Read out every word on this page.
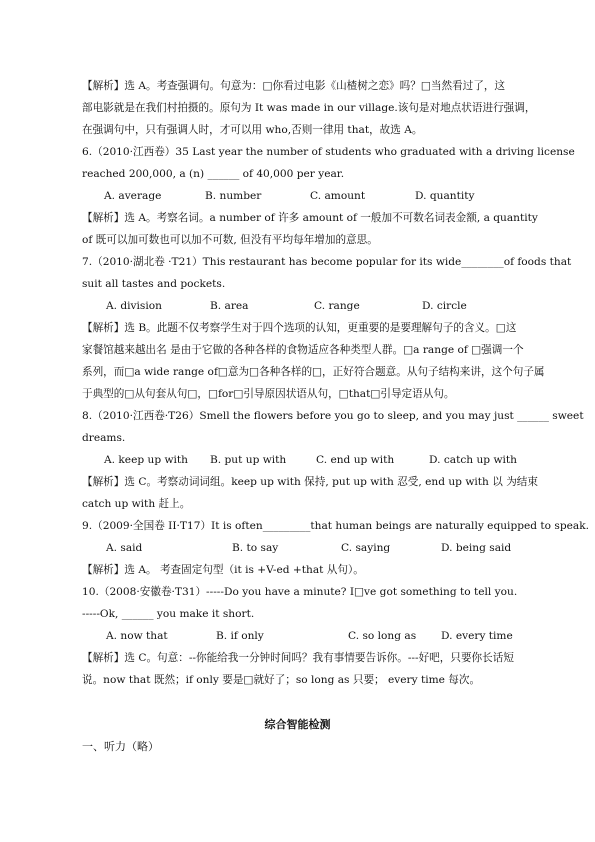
【解析】选 A。考查强调句。句意为：□你看过电影《山楂树之恋》吗？□当然看过了，这
部电影就是在我们村拍摄的。原句为 It was made in our village.该句是对地点状语进行强调，
在强调句中，只有强调人时，才可以用 who,否则一律用 that，故选 A。
6.（2010·江西卷）35 Last year the number of students who graduated with a driving license
reached 200,000, a (n) ______ of 40,000 per year.
【解析】选 A。考察名词。a number of 许多 amount of 一般加不可数名词表金额, a quantity
of 既可以加可数也可以加不可数, 但没有平均每年增加的意思。
7.（2010·湖北卷 ·T21）This restaurant has become popular for its wide________of foods that
suit all tastes and pockets.
【解析】选 B。此题不仅考察学生对于四个选项的认知，更重要的是要理解句子的含义。□这
家餐馆越来越出名 是由于它做的各种各样的食物适应各种类型人群。□a range of □强调一个
系列，而□a wide range of□意为□各种各样的□，正好符合题意。从句子结构来讲，这个句子属
于典型的□从句套从句□，□for□引导原因状语从句，□that□引导定语从句。
8.（2010·江西卷·T26）Smell the flowers before you go to sleep, and you may just ______ sweet
dreams.
【解析】选 C。考察动词词组。keep up with 保持, put up with 忍受, end up with 以 为结束
catch up with 赶上。
9.（2009·全国卷 II·T17）It is often_________that human beings are naturally equipped to speak.
【解析】选 A。 考查固定句型（it is +V-ed +that 从句）。
10.（2008·安徽卷·T31）-----Do you have a minute? I□ve got something to tell you.
-----Ok, ______ you make it short.
【解析】选 C。句意：--你能给我一分钟时间吗？我有事情要告诉你。---好吧，只要你长话短
说。now that 既然；if only 要是□就好了；so long as 只要； every time 每次。
A. average	B. number	C. amount	D. quantity
A. division	B. area	C. range	D. circle
A. keep up with B. put up with	C. end up with	D. catch up with
A. said	B. to say	C. saying	D. being said
A. now that	B. if only	C. so long as D. every time
综合智能检测
一、听力（略）
